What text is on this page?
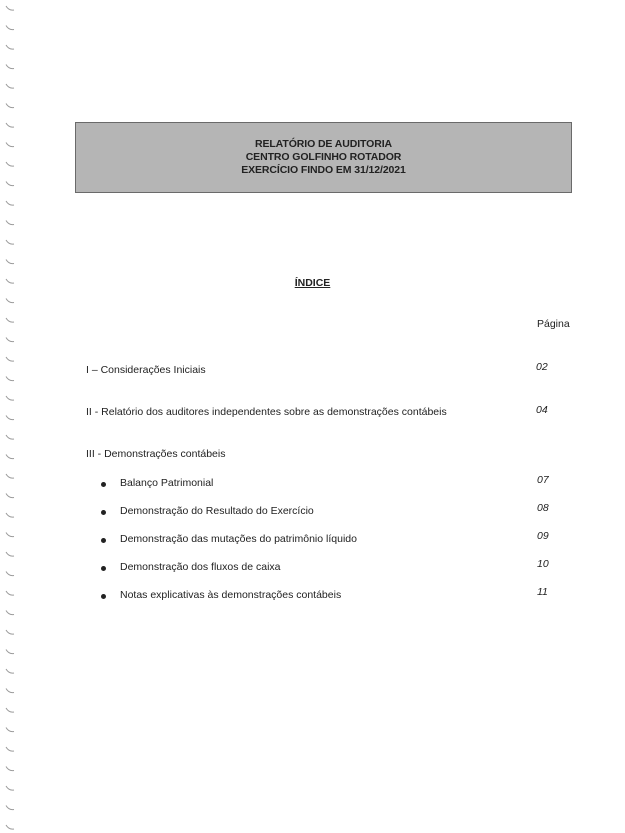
RELATÓRIO DE AUDITORIA
CENTRO GOLFINHO ROTADOR
EXERCÍCIO FINDO EM 31/12/2021
ÍNDICE
Página
I – Considerações Iniciais	02
II - Relatório dos auditores independentes sobre as demonstrações contábeis	04
III - Demonstrações contábeis
Balanço Patrimonial	07
Demonstração do Resultado do Exercício	08
Demonstração das mutações do patrimônio líquido	09
Demonstração dos fluxos de caixa	10
Notas explicativas às demonstrações contábeis	11
